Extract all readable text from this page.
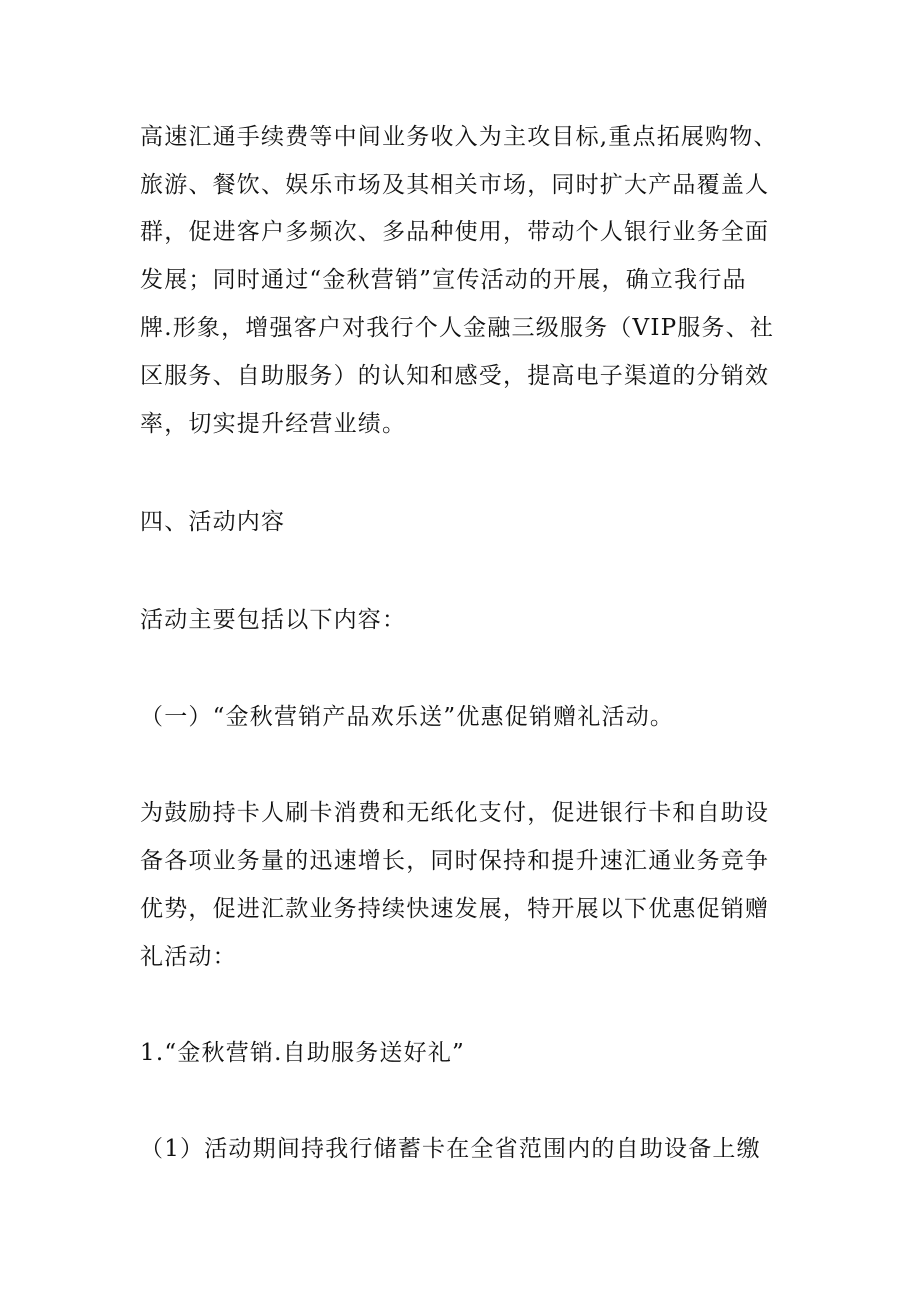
高速汇通手续费等中间业务收入为主攻目标,重点拓展购物、
旅游、餐饮、娱乐市场及其相关市场，同时扩大产品覆盖人
群，促进客户多频次、多品种使用，带动个人银行业务全面
发展；同时通过“金秋营销”宣传活动的开展，确立我行品
牌.形象，增强客户对我行个人金融三级服务（VIP服务、社
区服务、自助服务）的认知和感受，提高电子渠道的分销效
率，切实提升经营业绩。
四、活动内容
活动主要包括以下内容：
（一）“金秋营销产品欢乐送”优惠促销赠礼活动。
为鼓励持卡人刷卡消费和无纸化支付，促进银行卡和自助设
备各项业务量的迅速增长，同时保持和提升速汇通业务竞争
优势，促进汇款业务持续快速发展，特开展以下优惠促销赠
礼活动：
1.“金秋营销.自助服务送好礼”
（1）活动期间持我行储蓄卡在全省范围内的自助设备上缴
